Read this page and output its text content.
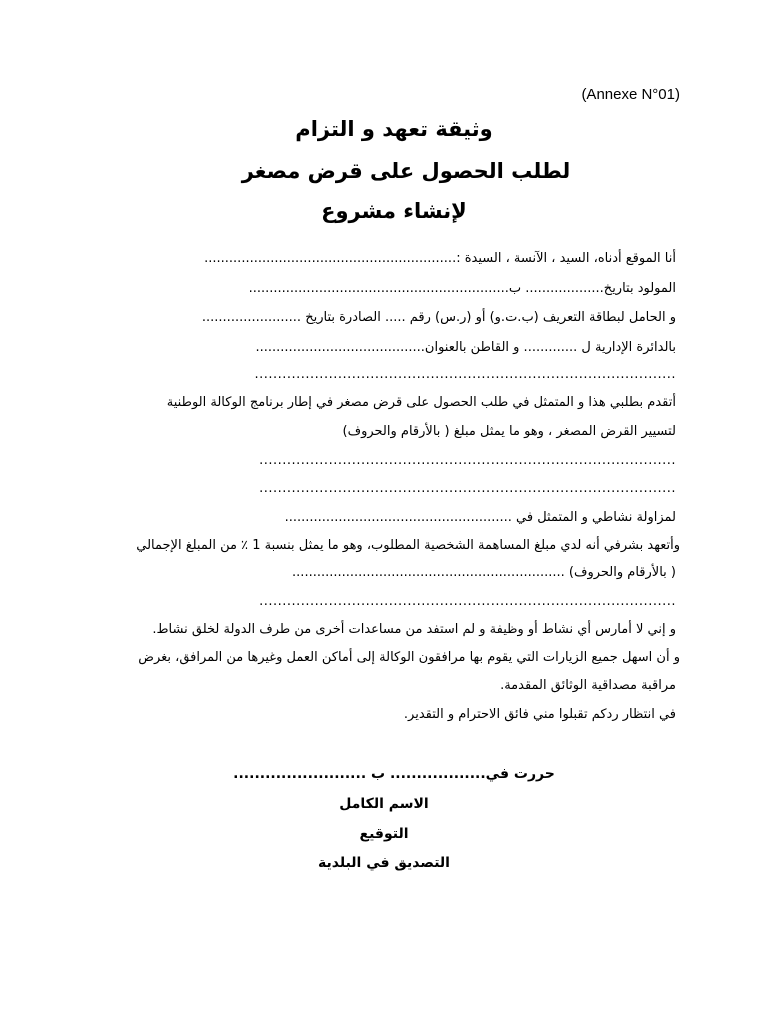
(Annexe N°01)
وثيقة تعهد و التزام
لطلب الحصول على قرض مصغر
لإنشاء مشروع
أنا الموقع أدناه، السيد ، الآنسة ، السيدة :.............................................................
المولود بتاريخ................... ب...............................................................
و الحامل لبطاقة التعريف (ب.ت.و) أو (ر.س) رقم ..... الصادرة بتاريخ ........................
بالدائرة الإدارية ل ............. و القاطن بالعنوان.........................................
...........................................................................................
أتقدم بطلبي هذا و المتمثل في طلب الحصول على قرض مصغر في إطار برنامج الوكالة الوطنية
لتسيير القرض المصغر ، وهو ما يمثل مبلغ ( بالأرقام والحروف)
..........................................................................................
..........................................................................................
لمزاولة نشاطي و المتمثل في .......................................................
وأتعهد بشرفي أنه لدي مبلغ المساهمة الشخصية المطلوب، وهو ما يمثل بنسبة 1 ٪ من المبلغ الإجمالي
( بالأرقام والحروف) ..................................................................
..........................................................................................
و إني لا أمارس أي نشاط أو وظيفة و لم استفد من مساعدات أخرى من طرف الدولة لخلق نشاط.
و أن اسهل جميع الزيارات التي يقوم بها مرافقون الوكالة إلى أماكن العمل وغيرها من المرافق، بغرض
مراقبة مصداقية الوثائق المقدمة.
في انتظار ردكم تقبلوا مني فائق الاحترام و التقدير.
حررت في.................. ب .........................
الاسم الكامل
التوقيع
التصديق في البلدية
